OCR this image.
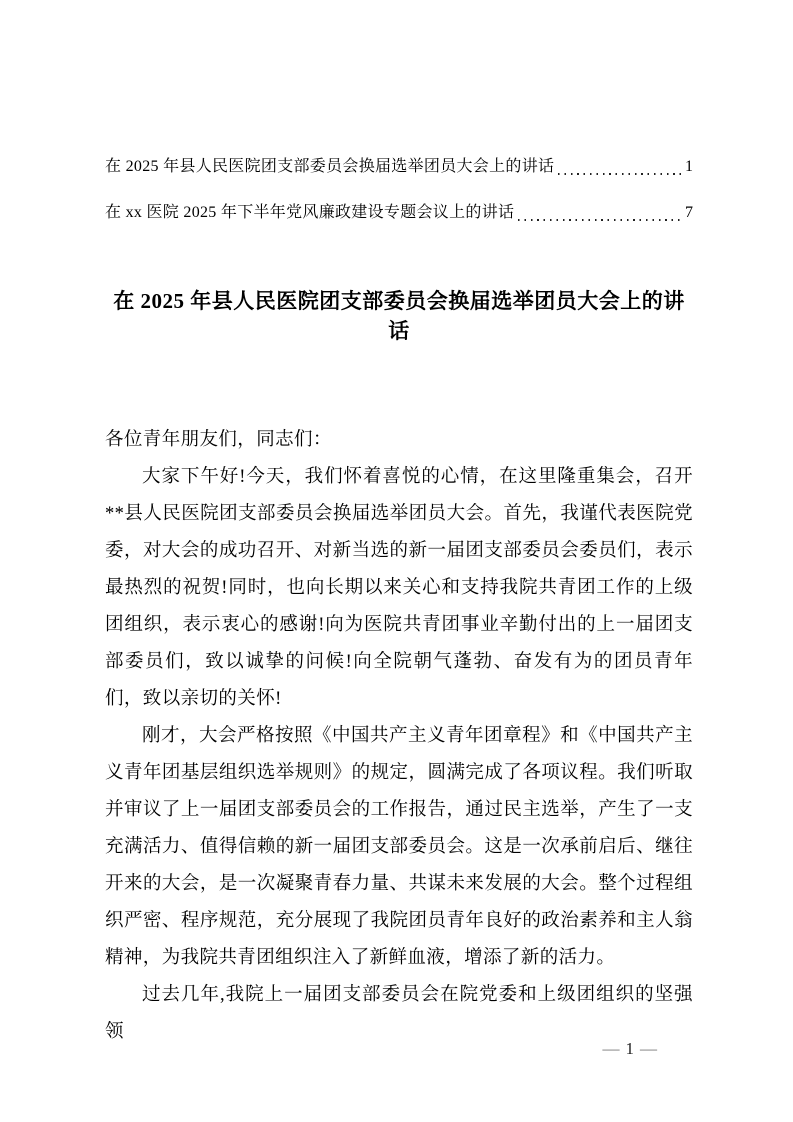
在 2025 年县人民医院团支部委员会换届选举团员大会上的讲话	1
在 xx 医院 2025 年下半年党风廉政建设专题会议上的讲话	7
在 2025 年县人民医院团支部委员会换届选举团员大会上的讲话

各位青年朋友们，同志们：

大家下午好!今天，我们怀着喜悦的心情，在这里隆重集会，召开**县人民医院团支部委员会换届选举团员大会。首先，我谨代表医院党委，对大会的成功召开、对新当选的新一届团支部委员会委员们，表示最热烈的祝贺!同时，也向长期以来关心和支持我院共青团工作的上级团组织，表示衷心的感谢!向为医院共青团事业辛勤付出的上一届团支部委员们，致以诚挚的问候!向全院朝气蓬勃、奋发有为的团员青年们，致以亲切的关怀!

刚才，大会严格按照《中国共产主义青年团章程》和《中国共产主义青年团基层组织选举规则》的规定，圆满完成了各项议程。我们听取并审议了上一届团支部委员会的工作报告，通过民主选举，产生了一支充满活力、值得信赖的新一届团支部委员会。这是一次承前启后、继往开来的大会，是一次凝聚青春力量、共谋未来发展的大会。整个过程组织严密、程序规范，充分展现了我院团员青年良好的政治素养和主人翁精神，为我院共青团组织注入了新鲜血液，增添了新的活力。

过去几年,我院上一届团支部委员会在院党委和上级团组织的坚强领

— 1 —
